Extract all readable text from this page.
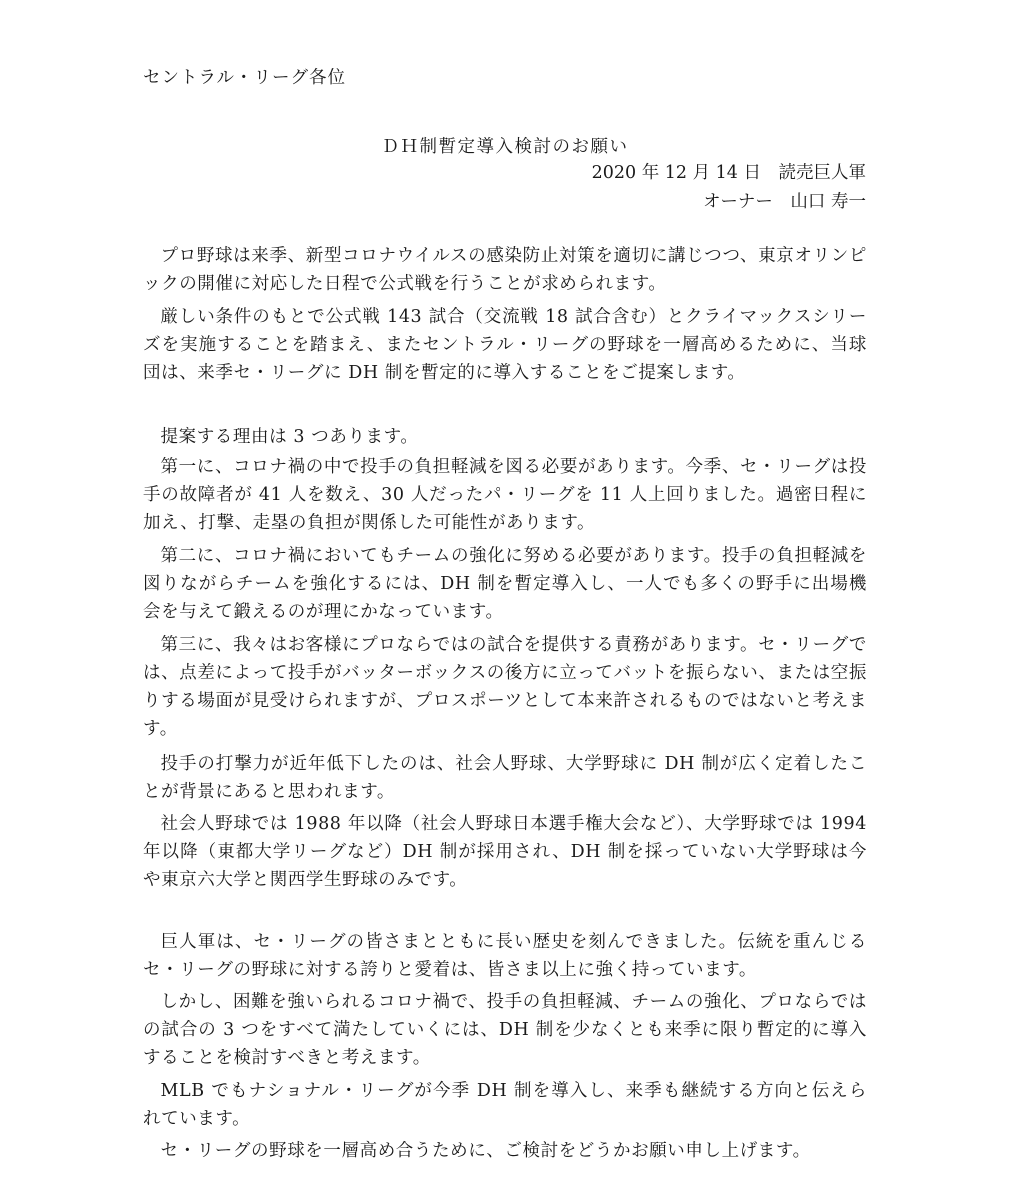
セントラル・リーグ各位
ＤＨ制暫定導入検討のお願い
2020 年 12 月 14 日　読売巨人軍
オーナー　山口 寿一
プロ野球は来季、新型コロナウイルスの感染防止対策を適切に講じつつ、東京オリンピックの開催に対応した日程で公式戦を行うことが求められます。
厳しい条件のもとで公式戦 143 試合（交流戦 18 試合含む）とクライマックスシリーズを実施することを踏まえ、またセントラル・リーグの野球を一層高めるために、当球団は、来季セ・リーグに DH 制を暫定的に導入することをご提案します。
提案する理由は 3 つあります。
第一に、コロナ禍の中で投手の負担軽減を図る必要があります。今季、セ・リーグは投手の故障者が 41 人を数え、30 人だったパ・リーグを 11 人上回りました。過密日程に加え、打撃、走塁の負担が関係した可能性があります。
第二に、コロナ禍においてもチームの強化に努める必要があります。投手の負担軽減を図りながらチームを強化するには、DH 制を暫定導入し、一人でも多くの野手に出場機会を与えて鍛えるのが理にかなっています。
第三に、我々はお客様にプロならではの試合を提供する責務があります。セ・リーグでは、点差によって投手がバッターボックスの後方に立ってバットを振らない、または空振りする場面が見受けられますが、プロスポーツとして本来許されるものではないと考えます。
投手の打撃力が近年低下したのは、社会人野球、大学野球に DH 制が広く定着したことが背景にあると思われます。
社会人野球では 1988 年以降（社会人野球日本選手権大会など）、大学野球では 1994 年以降（東都大学リーグなど）DH 制が採用され、DH 制を採っていない大学野球は今や東京六大学と関西学生野球のみです。
巨人軍は、セ・リーグの皆さまとともに長い歴史を刻んできました。伝統を重んじるセ・リーグの野球に対する誇りと愛着は、皆さま以上に強く持っています。
しかし、困難を強いられるコロナ禍で、投手の負担軽減、チームの強化、プロならではの試合の 3 つをすべて満たしていくには、DH 制を少なくとも来季に限り暫定的に導入することを検討すべきと考えます。
MLB でもナショナル・リーグが今季 DH 制を導入し、来季も継続する方向と伝えられています。
セ・リーグの野球を一層高め合うために、ご検討をどうかお願い申し上げます。
